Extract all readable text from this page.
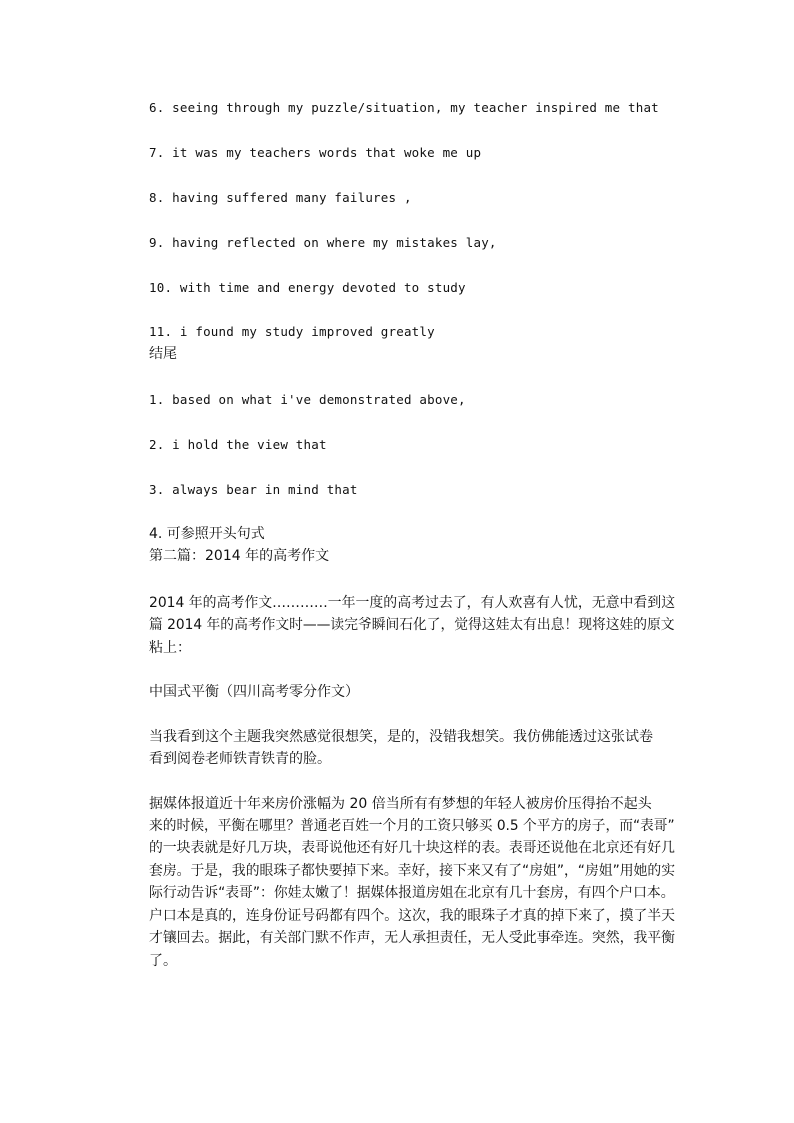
6. seeing through my puzzle/situation, my teacher inspired me that
7. it was my teachers words that woke me up
8. having suffered many failures ,
9. having reflected on where my mistakes lay,
10. with time and energy devoted to study
11. i found my study improved greatly
结尾
1. based on what i've demonstrated above,
2. i hold the view that
3. always bear in mind that
4. 可参照开头句式
第二篇：2014 年的高考作文
2014 年的高考作文…………一年一度的高考过去了，有人欢喜有人忧，无意中看到这
篇 2014 年的高考作文时——读完爷瞬间石化了，觉得这娃太有出息！现将这娃的原文
粘上：
中国式平衡（四川高考零分作文）
当我看到这个主题我突然感觉很想笑，是的，没错我想笑。我仿佛能透过这张试卷
看到阅卷老师铁青铁青的脸。
据媒体报道近十年来房价涨幅为 20 倍当所有有梦想的年轻人被房价压得抬不起头
来的时候，平衡在哪里？普通老百姓一个月的工资只够买 0.5 个平方的房子，而“表哥”
的一块表就是好几万块，表哥说他还有好几十块这样的表。表哥还说他在北京还有好几
套房。于是，我的眼珠子都快要掉下来。幸好，接下来又有了“房姐”，“房姐”用她的实
际行动告诉“表哥”：你娃太嫩了！据媒体报道房姐在北京有几十套房，有四个户口本。
户口本是真的，连身份证号码都有四个。这次，我的眼珠子才真的掉下来了，摸了半天
才镶回去。据此，有关部门默不作声，无人承担责任，无人受此事牵连。突然，我平衡
了。
